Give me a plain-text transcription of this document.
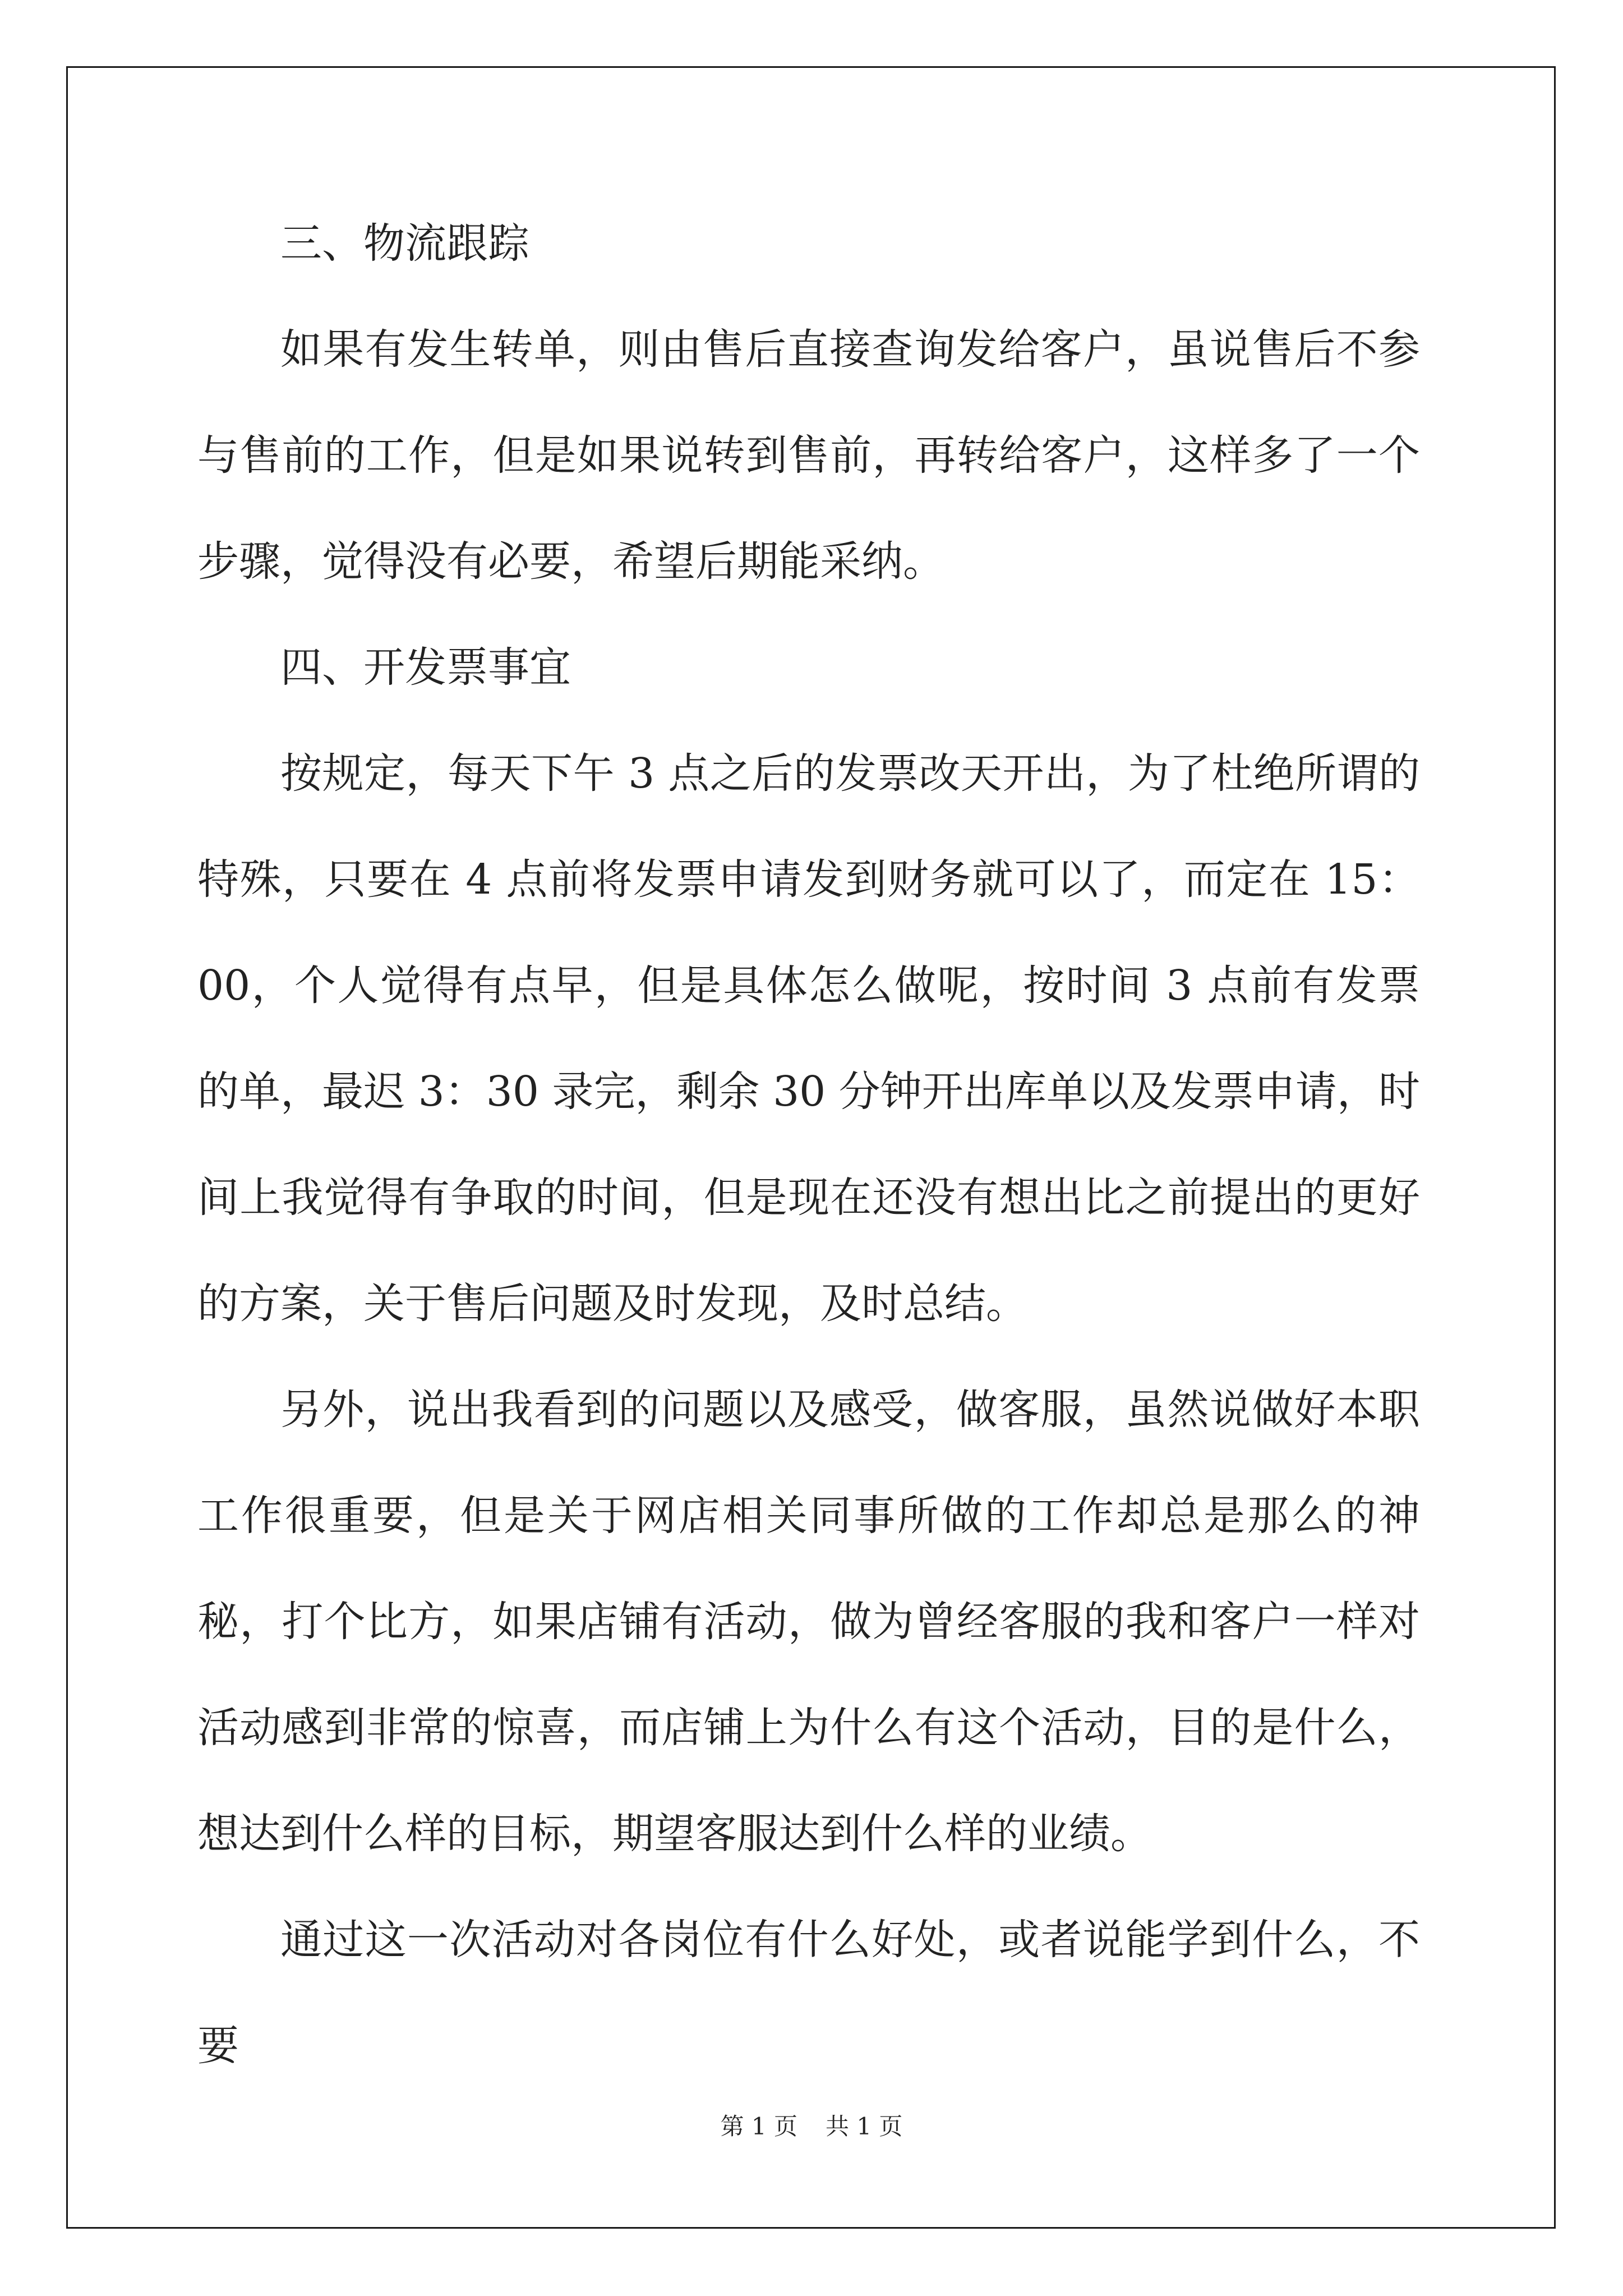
三、物流跟踪

如果有发生转单，则由售后直接查询发给客户，虽说售后不参与售前的工作，但是如果说转到售前，再转给客户，这样多了一个步骤，觉得没有必要，希望后期能采纳。

四、开发票事宜

按规定，每天下午 3 点之后的发票改天开出，为了杜绝所谓的特殊，只要在 4 点前将发票申请发到财务就可以了，而定在 15：00，个人觉得有点早，但是具体怎么做呢，按时间 3 点前有发票的单，最迟 3：30 录完，剩余 30 分钟开出库单以及发票申请，时间上我觉得有争取的时间，但是现在还没有想出比之前提出的更好的方案，关于售后问题及时发现，及时总结。

另外，说出我看到的问题以及感受，做客服，虽然说做好本职工作很重要，但是关于网店相关同事所做的工作却总是那么的神秘，打个比方，如果店铺有活动，做为曾经客服的我和客户一样对活动感到非常的惊喜，而店铺上为什么有这个活动，目的是什么，想达到什么样的目标，期望客服达到什么样的业绩。

通过这一次活动对各岗位有什么好处，或者说能学到什么，不要

第 1 页 共 1 页
